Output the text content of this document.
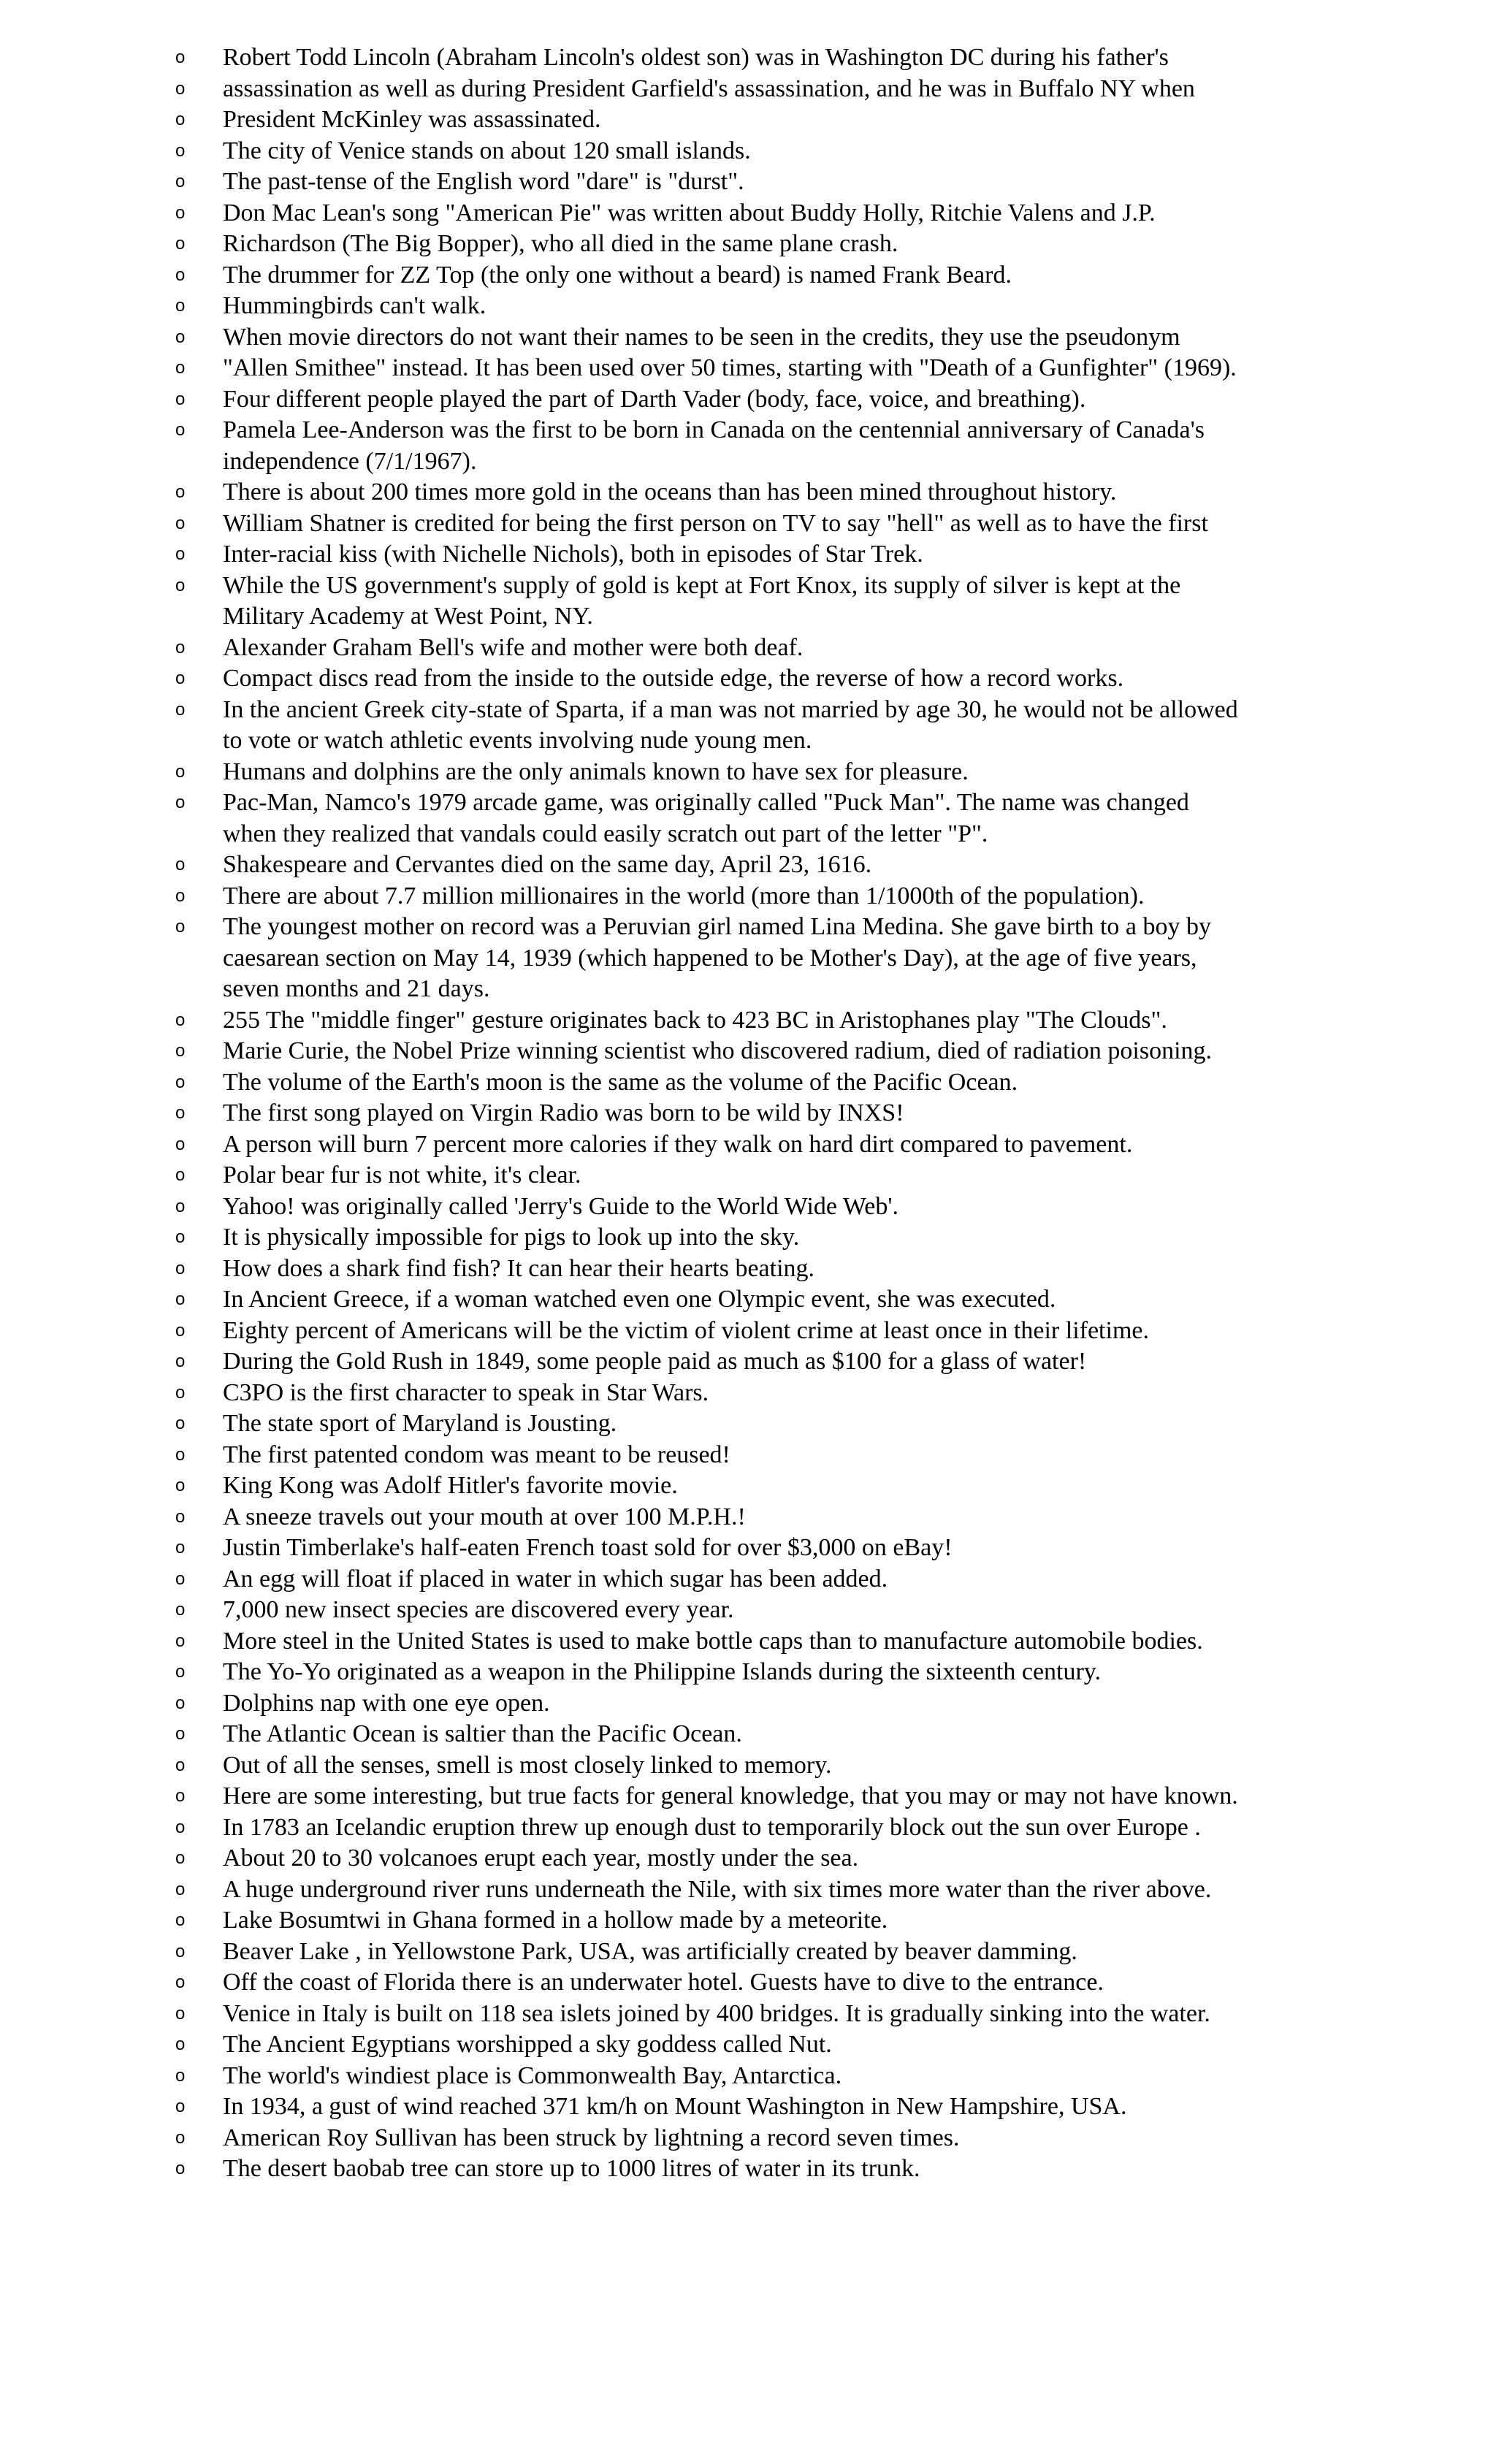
o	Robert Todd Lincoln (Abraham Lincoln's oldest son) was in Washington DC during his father's
o	assassination as well as during President Garfield's assassination, and he was in Buffalo NY when
o	President McKinley was assassinated.
o	The city of Venice stands on about 120 small islands.
o	The past-tense of the English word "dare" is "durst".
o	Don Mac Lean's song "American Pie" was written about Buddy Holly, Ritchie Valens and J.P.
o	Richardson (The Big Bopper), who all died in the same plane crash.
o	The drummer for ZZ Top (the only one without a beard) is named Frank Beard.
o	Hummingbirds can't walk.
o	When movie directors do not want their names to be seen in the credits, they use the pseudonym
o	"Allen Smithee" instead. It has been used over 50 times, starting with "Death of a Gunfighter" (1969).
o	Four different people played the part of Darth Vader (body, face, voice, and breathing).
o	Pamela Lee-Anderson was the first to be born in Canada on the centennial anniversary of Canada's
independence (7/1/1967).
o	There is about 200 times more gold in the oceans than has been mined throughout history.
o	William Shatner is credited for being the first person on TV to say "hell" as well as to have the first
o	Inter-racial kiss (with Nichelle Nichols), both in episodes of Star Trek.
o	While the US government's supply of gold is kept at Fort Knox, its supply of silver is kept at the
Military Academy at West Point, NY.
o	Alexander Graham Bell's wife and mother were both deaf.
o	Compact discs read from the inside to the outside edge, the reverse of how a record works.
o	In the ancient Greek city-state of Sparta, if a man was not married by age 30, he would not be allowed
to vote or watch athletic events involving nude young men.
o	Humans and dolphins are the only animals known to have sex for pleasure.
o	Pac-Man, Namco's 1979 arcade game, was originally called "Puck Man". The name was changed
when they realized that vandals could easily scratch out part of the letter "P".
o	Shakespeare and Cervantes died on the same day, April 23, 1616.
o	There are about 7.7 million millionaires in the world (more than 1/1000th of the population).
o	The youngest mother on record was a Peruvian girl named Lina Medina. She gave birth to a boy by
caesarean section on May 14, 1939 (which happened to be Mother's Day), at the age of five years,
seven months and 21 days.
o	255 The "middle finger" gesture originates back to 423 BC in Aristophanes play "The Clouds".
o	Marie Curie, the Nobel Prize winning scientist who discovered radium, died of radiation poisoning.
o	The volume of the Earth's moon is the same as the volume of the Pacific Ocean.
o	The first song played on Virgin Radio was born to be wild by INXS!
o	A person will burn 7 percent more calories if they walk on hard dirt compared to pavement.
o	Polar bear fur is not white, it's clear.
o	Yahoo! was originally called 'Jerry's Guide to the World Wide Web'.
o	It is physically impossible for pigs to look up into the sky.
o	How does a shark find fish? It can hear their hearts beating.
o	In Ancient Greece, if a woman watched even one Olympic event, she was executed.
o	Eighty percent of Americans will be the victim of violent crime at least once in their lifetime.
o	During the Gold Rush in 1849, some people paid as much as $100 for a glass of water!
o	C3PO is the first character to speak in Star Wars.
o	The state sport of Maryland is Jousting.
o	The first patented condom was meant to be reused!
o	King Kong was Adolf Hitler's favorite movie.
o	A sneeze travels out your mouth at over 100 M.P.H.!
o	Justin Timberlake's half-eaten French toast sold for over $3,000 on eBay!
o	An egg will float if placed in water in which sugar has been added.
o	7,000 new insect species are discovered every year.
o	More steel in the United States is used to make bottle caps than to manufacture automobile bodies.
o	The Yo-Yo originated as a weapon in the Philippine Islands during the sixteenth century.
o	Dolphins nap with one eye open.
o	The Atlantic Ocean is saltier than the Pacific Ocean.
o	Out of all the senses, smell is most closely linked to memory.
o	Here are some interesting, but true facts for general knowledge, that you may or may not have known.
o	In 1783 an Icelandic eruption threw up enough dust to temporarily block out the sun over Europe .
o	About 20 to 30 volcanoes erupt each year, mostly under the sea.
o	A huge underground river runs underneath the Nile, with six times more water than the river above.
o	Lake Bosumtwi in Ghana formed in a hollow made by a meteorite.
o	Beaver Lake , in Yellowstone Park, USA, was artificially created by beaver damming.
o	Off the coast of Florida there is an underwater hotel. Guests have to dive to the entrance.
o	Venice in Italy is built on 118 sea islets joined by 400 bridges. It is gradually sinking into the water.
o	The Ancient Egyptians worshipped a sky goddess called Nut.
o	The world's windiest place is Commonwealth Bay, Antarctica.
o	In 1934, a gust of wind reached 371 km/h on Mount Washington in New Hampshire, USA.
o	American Roy Sullivan has been struck by lightning a record seven times.
o	The desert baobab tree can store up to 1000 litres of water in its trunk.
